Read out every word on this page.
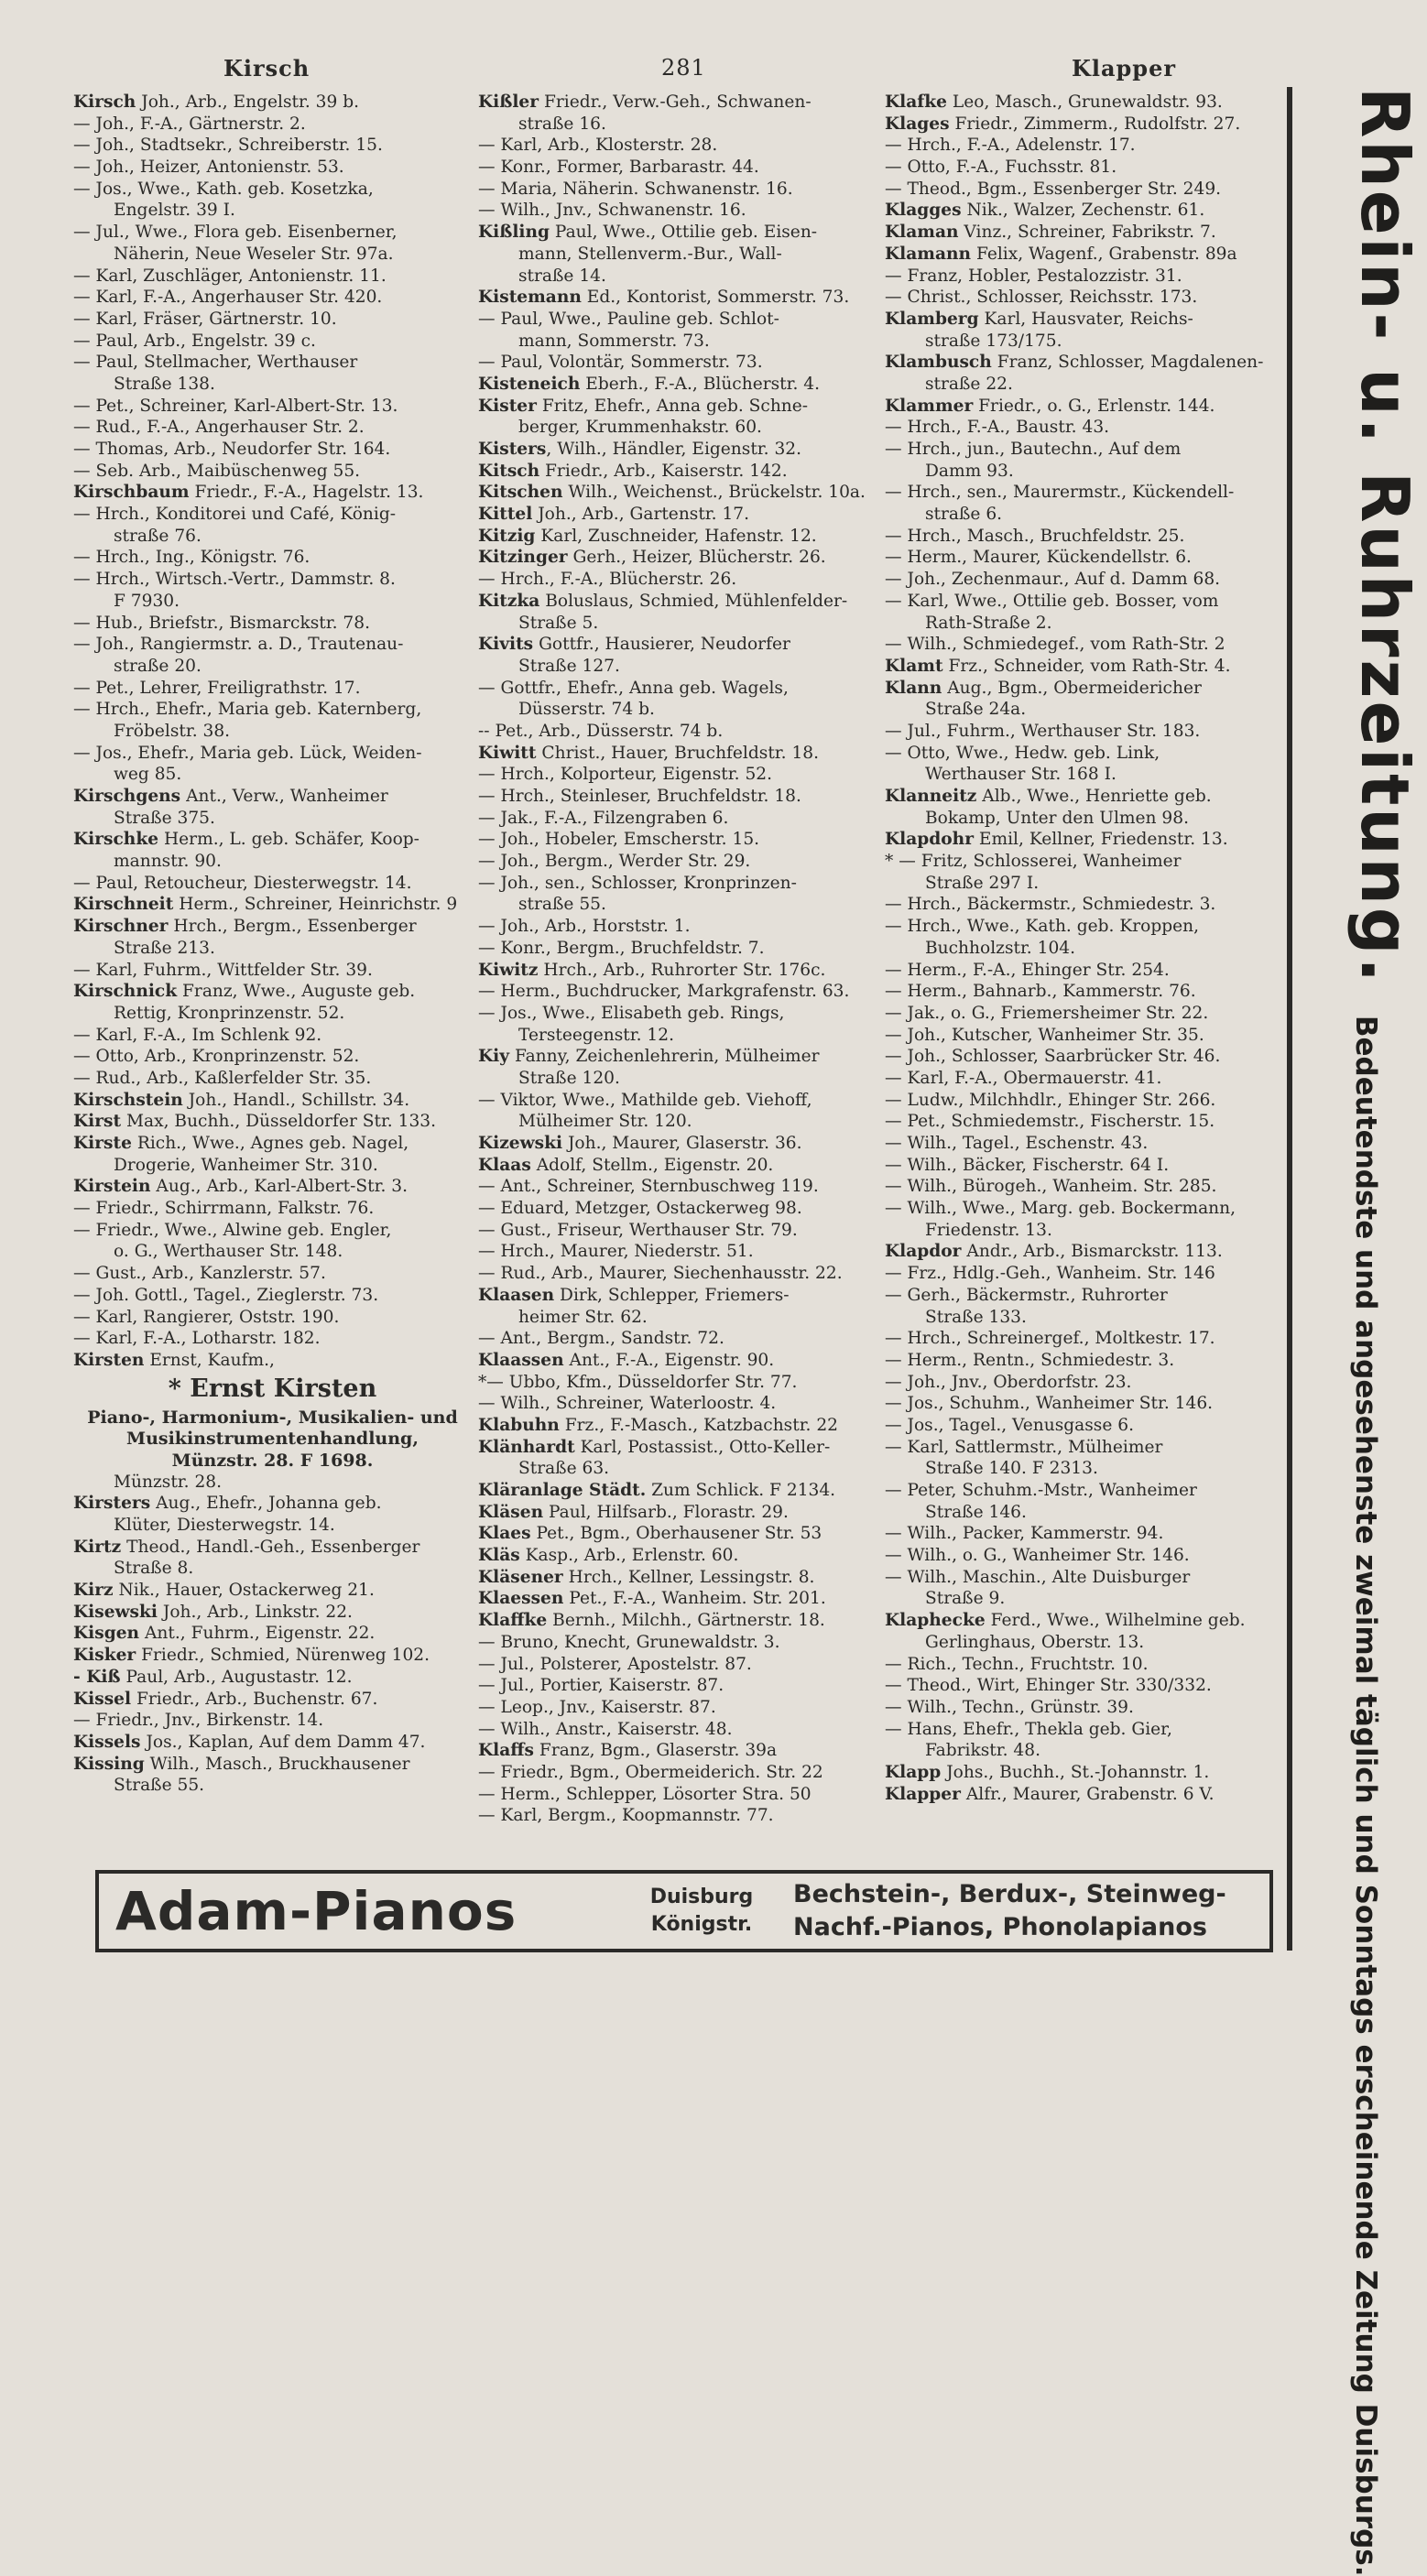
Kirsch	281	Klapper
Kirsch Joh., Arb., Engelstr. 39 b.
— Joh., F.-A., Gärtnerstr. 2.
— Joh., Stadtsekr., Schreiberstr. 15.
— Joh., Heizer, Antonienstr. 53.
— Jos., Wwe., Kath. geb. Kosetzka,
Engelstr. 39 I.
— Jul., Wwe., Flora geb. Eisenberner,
Näherin, Neue Weseler Str. 97a.
— Karl, Zuschläger, Antonienstr. 11.
— Karl, F.-A., Angerhauser Str. 420.
— Karl, Fräser, Gärtnerstr. 10.
— Paul, Arb., Engelstr. 39 c.
— Paul, Stellmacher, Werthauser
Straße 138.
— Pet., Schreiner, Karl-Albert-Str. 13.
— Rud., F.-A., Angerhauser Str. 2.
— Thomas, Arb., Neudorfer Str. 164.
— Seb. Arb., Maibüschenweg 55.
Kirschbaum Friedr., F.-A., Hagelstr. 13.
— Hrch., Konditorei und Café, König-
straße 76.
— Hrch., Ing., Königstr. 76.
— Hrch., Wirtsch.-Vertr., Dammstr. 8.
F 7930.
— Hub., Briefstr., Bismarckstr. 78.
— Joh., Rangiermstr. a. D., Trautenau-
straße 20.
— Pet., Lehrer, Freiligrathstr. 17.
— Hrch., Ehefr., Maria geb. Katernberg,
Fröbelstr. 38.
— Jos., Ehefr., Maria geb. Lück, Weiden-
weg 85.
Kirschgens Ant., Verw., Wanheimer
Straße 375.
Kirschke Herm., L. geb. Schäfer, Koop-
mannstr. 90.
— Paul, Retoucheur, Diesterwegstr. 14.
Kirschneit Herm., Schreiner, Heinrichstr. 9
Kirschner Hrch., Bergm., Essenberger
Straße 213.
— Karl, Fuhrm., Wittfelder Str. 39.
Kirschnick Franz, Wwe., Auguste geb.
Rettig, Kronprinzenstr. 52.
— Karl, F.-A., Im Schlenk 92.
— Otto, Arb., Kronprinzenstr. 52.
— Rud., Arb., Kaßlerfelder Str. 35.
Kirschstein Joh., Handl., Schillstr. 34.
Kirst Max, Buchh., Düsseldorfer Str. 133.
Kirste Rich., Wwe., Agnes geb. Nagel,
Drogerie, Wanheimer Str. 310.
Kirstein Aug., Arb., Karl-Albert-Str. 3.
— Friedr., Schirrmann, Falkstr. 76.
— Friedr., Wwe., Alwine geb. Engler,
o. G., Werthauser Str. 148.
— Gust., Arb., Kanzlerstr. 57.
— Joh. Gottl., Tagel., Zieglerstr. 73.
— Karl, Rangierer, Oststr. 190.
— Karl, F.-A., Lotharstr. 182.
Kirsten Ernst, Kaufm.,
* Ernst Kirsten
Piano-, Harmonium-, Musikalien- und
Musikinstrumentenhandlung,
Münzstr. 28. F 1698.
Münzstr. 28.
Kirsters Aug., Ehefr., Johanna geb.
Klüter, Diesterwegstr. 14.
Kirtz Theod., Handl.-Geh., Essenberger
Straße 8.
Kirz Nik., Hauer, Ostackerweg 21.
Kisewski Joh., Arb., Linkstr. 22.
Kisgen Ant., Fuhrm., Eigenstr. 22.
Kisker Friedr., Schmied, Nürenweg 102.
- Kiß Paul, Arb., Augustastr. 12.
Kissel Friedr., Arb., Buchenstr. 67.
— Friedr., Jnv., Birkenstr. 14.
Kissels Jos., Kaplan, Auf dem Damm 47.
Kissing Wilh., Masch., Bruckhausener
Straße 55.
Kißler Friedr., Verw.-Geh., Schwanen-
straße 16.
— Karl, Arb., Klosterstr. 28.
— Konr., Former, Barbarastr. 44.
— Maria, Näherin. Schwanenstr. 16.
— Wilh., Jnv., Schwanenstr. 16.
Kißling Paul, Wwe., Ottilie geb. Eisen-
mann, Stellenverm.-Bur., Wall-
straße 14.
Kistemann Ed., Kontorist, Sommerstr. 73.
— Paul, Wwe., Pauline geb. Schlot-
mann, Sommerstr. 73.
— Paul, Volontär, Sommerstr. 73.
Kisteneich Eberh., F.-A., Blücherstr. 4.
Kister Fritz, Ehefr., Anna geb. Schne-
berger, Krummenhakstr. 60.
Kisters, Wilh., Händler, Eigenstr. 32.
Kitsch Friedr., Arb., Kaiserstr. 142.
Kitschen Wilh., Weichenst., Brückelstr. 10a.
Kittel Joh., Arb., Gartenstr. 17.
Kitzig Karl, Zuschneider, Hafenstr. 12.
Kitzinger Gerh., Heizer, Blücherstr. 26.
— Hrch., F.-A., Blücherstr. 26.
Kitzka Boluslaus, Schmied, Mühlenfelder-
Straße 5.
Kivits Gottfr., Hausierer, Neudorfer
Straße 127.
— Gottfr., Ehefr., Anna geb. Wagels,
Düsserstr. 74 b.
-- Pet., Arb., Düsserstr. 74 b.
Kiwitt Christ., Hauer, Bruchfeldstr. 18.
— Hrch., Kolporteur, Eigenstr. 52.
— Hrch., Steinleser, Bruchfeldstr. 18.
— Jak., F.-A., Filzengraben 6.
— Joh., Hobeler, Emscherstr. 15.
— Joh., Bergm., Werder Str. 29.
— Joh., sen., Schlosser, Kronprinzen-
straße 55.
— Joh., Arb., Horststr. 1.
— Konr., Bergm., Bruchfeldstr. 7.
Kiwitz Hrch., Arb., Ruhrorter Str. 176c.
— Herm., Buchdrucker, Markgrafenstr. 63.
— Jos., Wwe., Elisabeth geb. Rings,
Tersteegenstr. 12.
Kiy Fanny, Zeichenlehrerin, Mülheimer
Straße 120.
— Viktor, Wwe., Mathilde geb. Viehoff,
Mülheimer Str. 120.
Kizewski Joh., Maurer, Glaserstr. 36.
Klaas Adolf, Stellm., Eigenstr. 20.
— Ant., Schreiner, Sternbuschweg 119.
— Eduard, Metzger, Ostackerweg 98.
— Gust., Friseur, Werthauser Str. 79.
— Hrch., Maurer, Niederstr. 51.
— Rud., Arb., Maurer, Siechenhausstr. 22.
Klaasen Dirk, Schlepper, Friemers-
heimer Str. 62.
— Ant., Bergm., Sandstr. 72.
Klaassen Ant., F.-A., Eigenstr. 90.
*— Ubbo, Kfm., Düsseldorfer Str. 77.
— Wilh., Schreiner, Waterloostr. 4.
Klabuhn Frz., F.-Masch., Katzbachstr. 22
Klänhardt Karl, Postassist., Otto-Keller-
Straße 63.
Kläranlage Städt. Zum Schlick. F 2134.
Kläsen Paul, Hilfsarb., Florastr. 29.
Klaes Pet., Bgm., Oberhausener Str. 53
Kläs Kasp., Arb., Erlenstr. 60.
Kläsener Hrch., Kellner, Lessingstr. 8.
Klaessen Pet., F.-A., Wanheim. Str. 201.
Klaffke Bernh., Milchh., Gärtnerstr. 18.
— Bruno, Knecht, Grunewaldstr. 3.
— Jul., Polsterer, Apostelstr. 87.
— Jul., Portier, Kaiserstr. 87.
— Leop., Jnv., Kaiserstr. 87.
— Wilh., Anstr., Kaiserstr. 48.
Klaffs Franz, Bgm., Glaserstr. 39a
— Friedr., Bgm., Obermeiderich. Str. 22
— Herm., Schlepper, Lösorter Stra. 50
— Karl, Bergm., Koopmannstr. 77.
Klafke Leo, Masch., Grunewaldstr. 93.
Klages Friedr., Zimmerm., Rudolfstr. 27.
— Hrch., F.-A., Adelenstr. 17.
— Otto, F.-A., Fuchsstr. 81.
— Theod., Bgm., Essenberger Str. 249.
Klagges Nik., Walzer, Zechenstr. 61.
Klaman Vinz., Schreiner, Fabrikstr. 7.
Klamann Felix, Wagenf., Grabenstr. 89a
— Franz, Hobler, Pestalozzistr. 31.
— Christ., Schlosser, Reichsstr. 173.
Klamberg Karl, Hausvater, Reichs-
straße 173/175.
Klambusch Franz, Schlosser, Magdalenen-
straße 22.
Klammer Friedr., o. G., Erlenstr. 144.
— Hrch., F.-A., Baustr. 43.
— Hrch., jun., Bautechn., Auf dem
Damm 93.
— Hrch., sen., Maurermstr., Kückendell-
straße 6.
— Hrch., Masch., Bruchfeldstr. 25.
— Herm., Maurer, Kückendellstr. 6.
— Joh., Zechenmaur., Auf d. Damm 68.
— Karl, Wwe., Ottilie geb. Bosser, vom
Rath-Straße 2.
— Wilh., Schmiedegef., vom Rath-Str. 2
Klamt Frz., Schneider, vom Rath-Str. 4.
Klann Aug., Bgm., Obermeidericher
Straße 24a.
— Jul., Fuhrm., Werthauser Str. 183.
— Otto, Wwe., Hedw. geb. Link,
Werthauser Str. 168 I.
Klanneitz Alb., Wwe., Henriette geb.
Bokamp, Unter den Ulmen 98.
Klapdohr Emil, Kellner, Friedenstr. 13.
* — Fritz, Schlosserei, Wanheimer
Straße 297 I.
— Hrch., Bäckermstr., Schmiedestr. 3.
— Hrch., Wwe., Kath. geb. Kroppen,
Buchholzstr. 104.
— Herm., F.-A., Ehinger Str. 254.
— Herm., Bahnarb., Kammerstr. 76.
— Jak., o. G., Friemersheimer Str. 22.
— Joh., Kutscher, Wanheimer Str. 35.
— Joh., Schlosser, Saarbrücker Str. 46.
— Karl, F.-A., Obermauerstr. 41.
— Ludw., Milchhdlr., Ehinger Str. 266.
— Pet., Schmiedemstr., Fischerstr. 15.
— Wilh., Tagel., Eschenstr. 43.
— Wilh., Bäcker, Fischerstr. 64 I.
— Wilh., Bürogeh., Wanheim. Str. 285.
— Wilh., Wwe., Marg. geb. Bockermann,
Friedenstr. 13.
Klapdor Andr., Arb., Bismarckstr. 113.
— Frz., Hdlg.-Geh., Wanheim. Str. 146
— Gerh., Bäckermstr., Ruhrorter
Straße 133.
— Hrch., Schreinergef., Moltkestr. 17.
— Herm., Rentn., Schmiedestr. 3.
— Joh., Jnv., Oberdorfstr. 23.
— Jos., Schuhm., Wanheimer Str. 146.
— Jos., Tagel., Venusgasse 6.
— Karl, Sattlermstr., Mülheimer
Straße 140. F 2313.
— Peter, Schuhm.-Mstr., Wanheimer
Straße 146.
— Wilh., Packer, Kammerstr. 94.
— Wilh., o. G., Wanheimer Str. 146.
— Wilh., Maschin., Alte Duisburger
Straße 9.
Klaphecke Ferd., Wwe., Wilhelmine geb.
Gerlinghaus, Oberstr. 13.
— Rich., Techn., Fruchtstr. 10.
— Theod., Wirt, Ehinger Str. 330/332.
— Wilh., Techn., Grünstr. 39.
— Hans, Ehefr., Thekla geb. Gier,
Fabrikstr. 48.
Klapp Johs., Buchh., St.-Johannstr. 1.
Klapper Alfr., Maurer, Grabenstr. 6 V.
Rhein- u. Ruhrzeitung. Bedeutendste und angesehenste zweimal täglich und Sonntags erscheinende Zeitung Duisburgs.
Adam-Pianos	Duisburg
Königstr.
Bechstein-, Berdux-, Steinweg-
Nachf.-Pianos, Phonolapianos
